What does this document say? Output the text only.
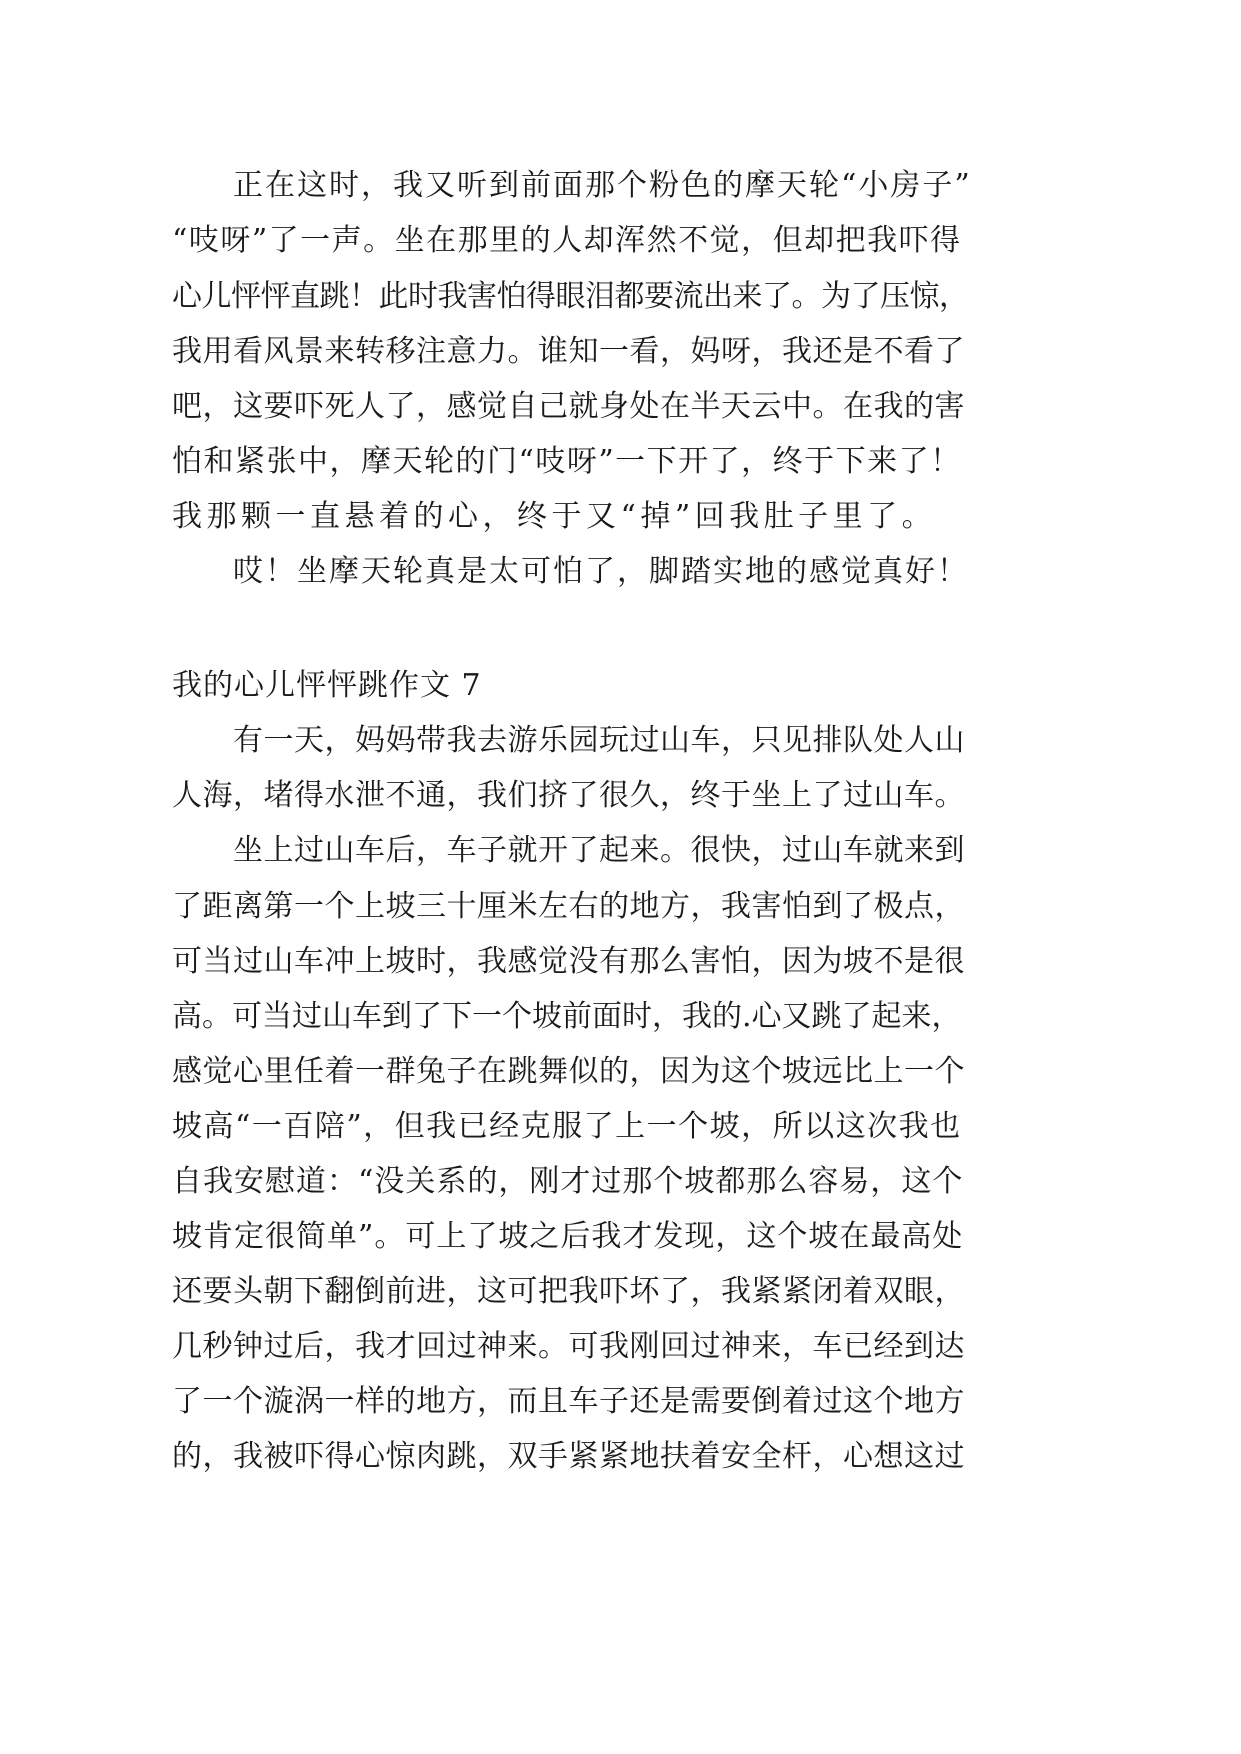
正在这时，我又听到前面那个粉色的摩天轮“小房子”
“吱呀”了一声。坐在那里的人却浑然不觉，但却把我吓得
心儿怦怦直跳！此时我害怕得眼泪都要流出来了。为了压惊，
我用看风景来转移注意力。谁知一看，妈呀，我还是不看了
吧，这要吓死人了，感觉自己就身处在半天云中。在我的害
怕和紧张中，摩天轮的门“吱呀”一下开了，终于下来了！
我那颗一直悬着的心，终于又“掉”回我肚子里了。
哎！坐摩天轮真是太可怕了，脚踏实地的感觉真好！
我的心儿怦怦跳作文 7
有一天，妈妈带我去游乐园玩过山车，只见排队处人山
人海，堵得水泄不通，我们挤了很久，终于坐上了过山车。
坐上过山车后，车子就开了起来。很快，过山车就来到
了距离第一个上坡三十厘米左右的地方，我害怕到了极点，
可当过山车冲上坡时，我感觉没有那么害怕，因为坡不是很
高。可当过山车到了下一个坡前面时，我的.心又跳了起来，
感觉心里任着一群兔子在跳舞似的，因为这个坡远比上一个
坡高“一百陪”，但我已经克服了上一个坡，所以这次我也
自我安慰道：“没关系的，刚才过那个坡都那么容易，这个
坡肯定很简单”。可上了坡之后我才发现，这个坡在最高处
还要头朝下翻倒前进，这可把我吓坏了，我紧紧闭着双眼，
几秒钟过后，我才回过神来。可我刚回过神来，车已经到达
了一个漩涡一样的地方，而且车子还是需要倒着过这个地方
的，我被吓得心惊肉跳，双手紧紧地扶着安全杆，心想这过
